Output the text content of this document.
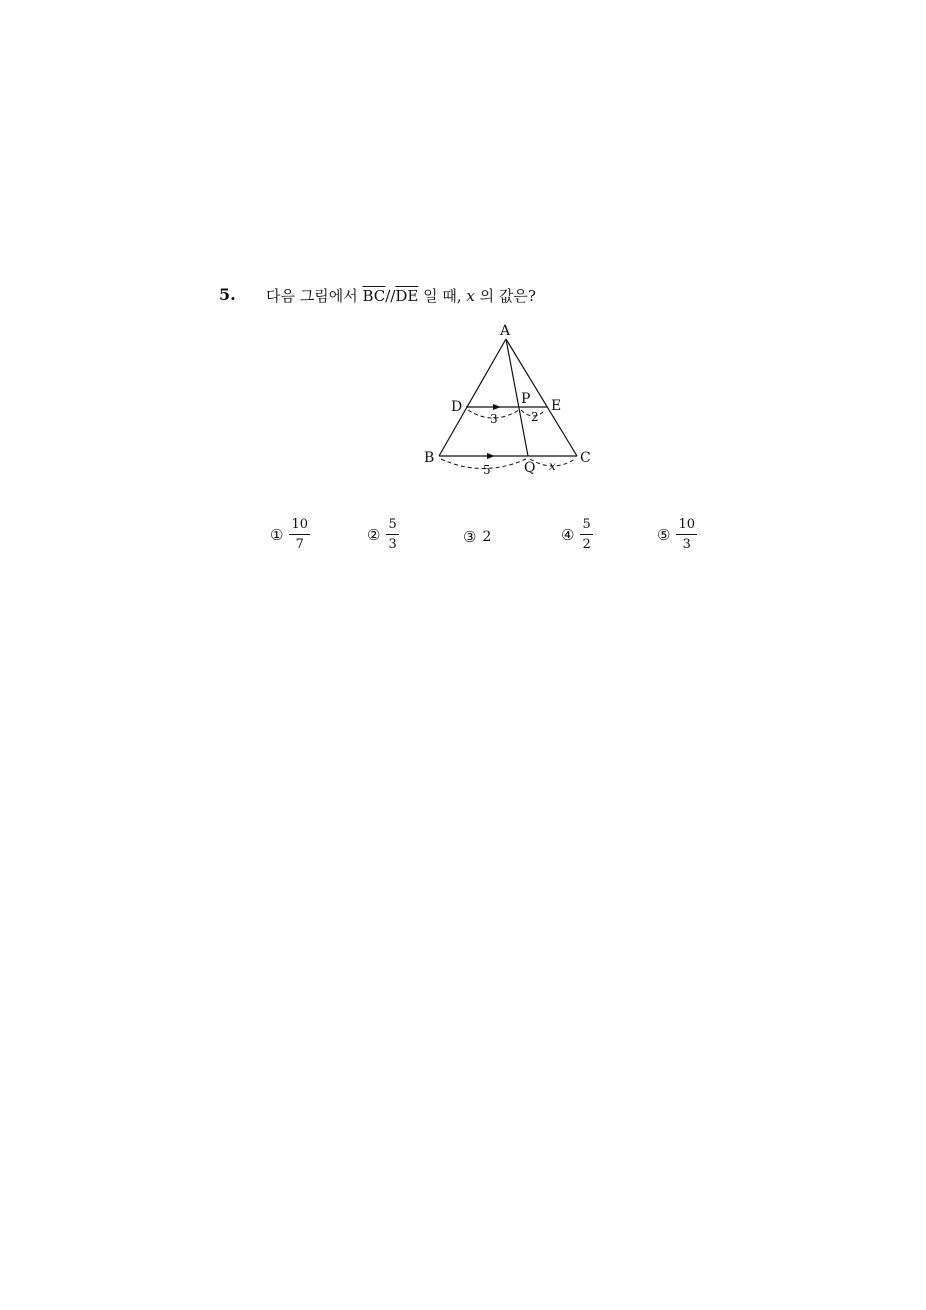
5. 다음 그림에서 $\overline{BC}//\overline{DE}$ 일 때, x 의 값은?
A
D	P E
B
Q
C
3	2
5	x
① $\frac{10}{7}$	② $\frac{5}{3}$	③ 2	④ $\frac{5}{2}$	⑤ $\frac{10}{3}$
